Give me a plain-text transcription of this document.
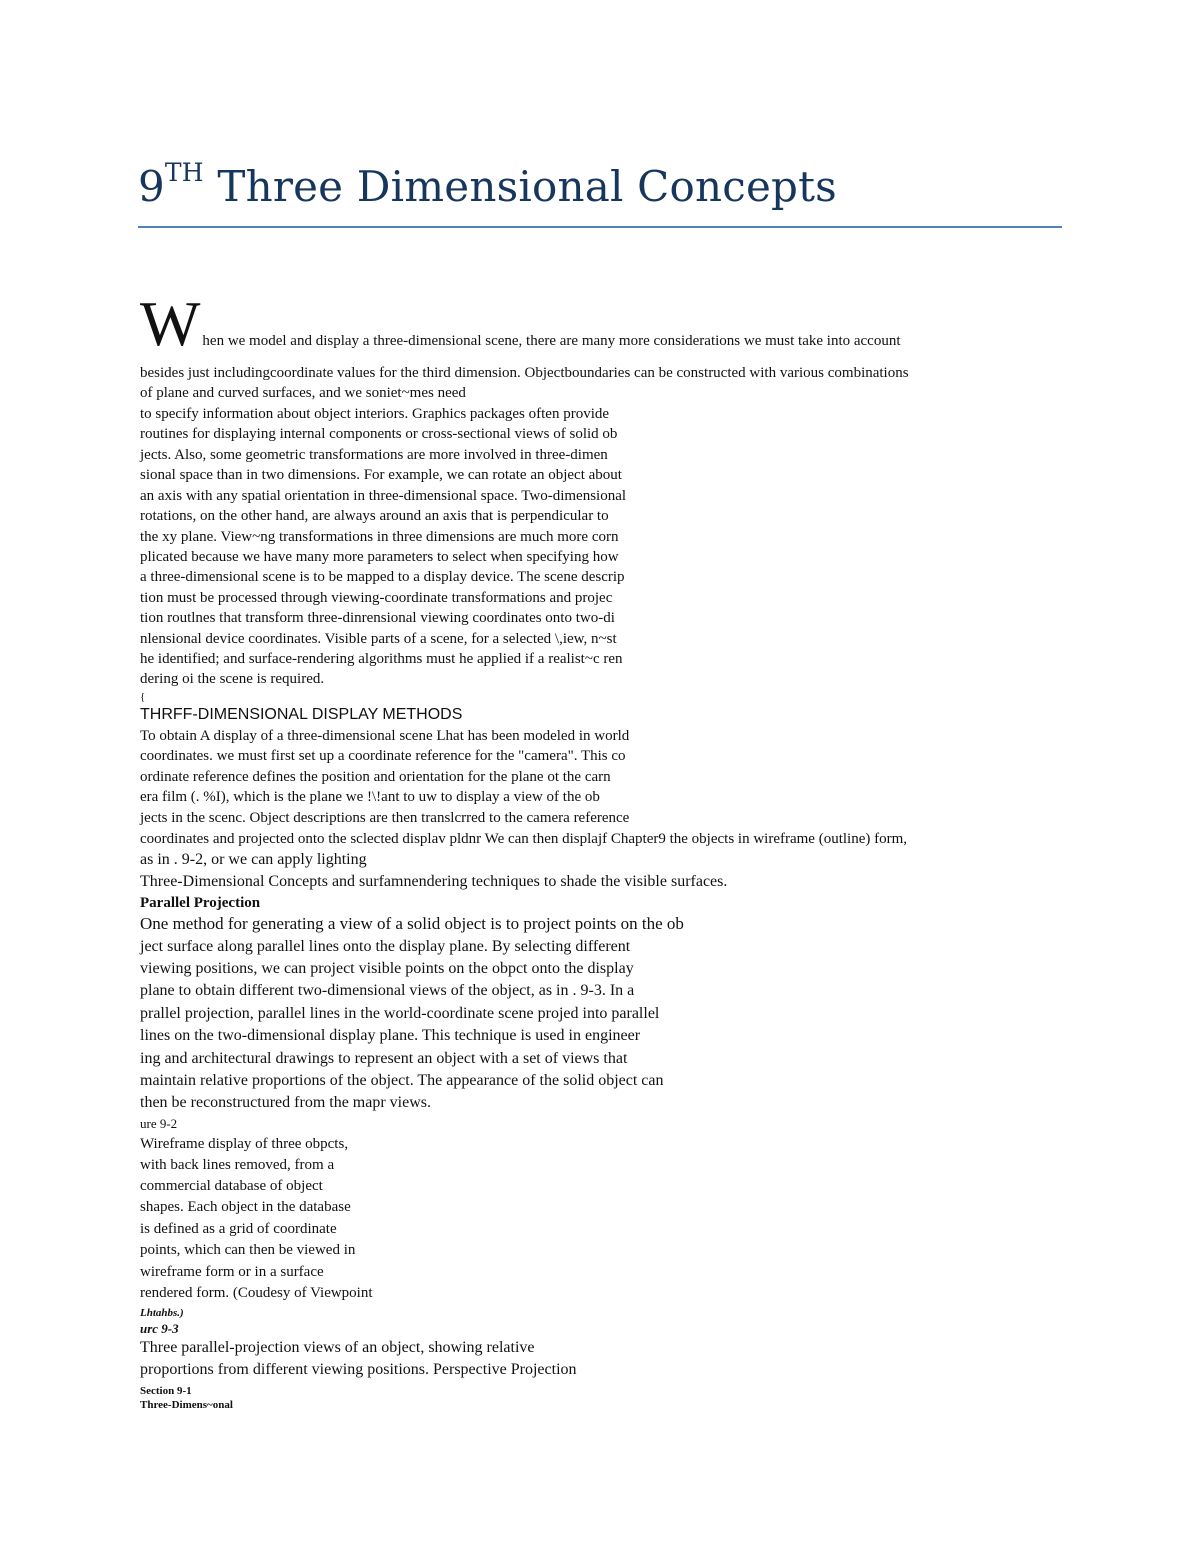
9TH Three Dimensional Concepts
When we model and display a three-dimensional scene, there are many more considerations we must take into account

besides just includingcoordinate values for the third dimension. Objectboundaries can be constructed with various combinations

of plane and curved surfaces, and we soniet~mes need

to specify information about object interiors. Graphics packages often provide

routines for displaying internal components or cross-sectional views of solid ob

jects. Also, some geometric transformations are more involved in three-dimen

sional space than in two dimensions. For example, we can rotate an object about

an axis with any spatial orientation in three-dimensional space. Two-dimensional

rotations, on the other hand, are always around an axis that is perpendicular to

the xy plane. View~ng transformations in three dimensions are much more corn

plicated because we have many more parameters to select when specifying how

a three-dimensional scene is to be mapped to a display device. The scene descrip

tion must be processed through viewing-coordinate transformations and projec

tion routlnes that transform three-dinrensional viewing coordinates onto two-di

nlensional device coordinates. Visible parts of a scene, for a selected \,iew, n~st

he identified; and surface-rendering algorithms must he applied if a realist~c ren

dering oi the scene is required.

{

THRFF-DIMENSIONAL DISPLAY METHODS

To obtain A display of a three-dimensional scene Lhat has been modeled in world

coordinates. we must first set up a coordinate reference for the "camera". This co

ordinate reference defines the position and orientation for the plane ot the carn

era film (. %I), which is the plane we !\!ant to uw to display a view of the ob

jects in the scenc. Object descriptions are then translcrred to the camera reference

coordinates and projected onto the sclected displav pldnr We can then displajf Chapter9 the objects in wireframe (outline) form,

as in . 9-2, or we can apply lighting

Three-Dimensional Concepts and surfamnendering techniques to shade the visible surfaces.

Parallel Projection

One method for generating a view of a solid object is to project points on the ob

ject surface along parallel lines onto the display plane. By selecting different

viewing positions, we can project visible points on the obpct onto the display

plane to obtain different two-dimensional views of the object, as in . 9-3. In a

prallel projection, parallel lines in the world-coordinate scene projed into parallel

lines on the two-dimensional display plane. This technique is used in engineer

ing and architectural drawings to represent an object with a set of views that

maintain relative proportions of the object. The appearance of the solid object can

then be reconstructured from the mapr views.

ure 9-2

Wireframe display of three obpcts,

with back lines removed, from a

commercial database of object

shapes. Each object in the database

is defined as a grid of coordinate

points, which can then be viewed in

wireframe form or in a surface

rendered form. (Coudesy of Viewpoint

Lhtahbs.)

urc 9-3

Three parallel-projection views of an object, showing relative

proportions from different viewing positions. Perspective Projection

Section 9-1

Three-Dimens~onal
